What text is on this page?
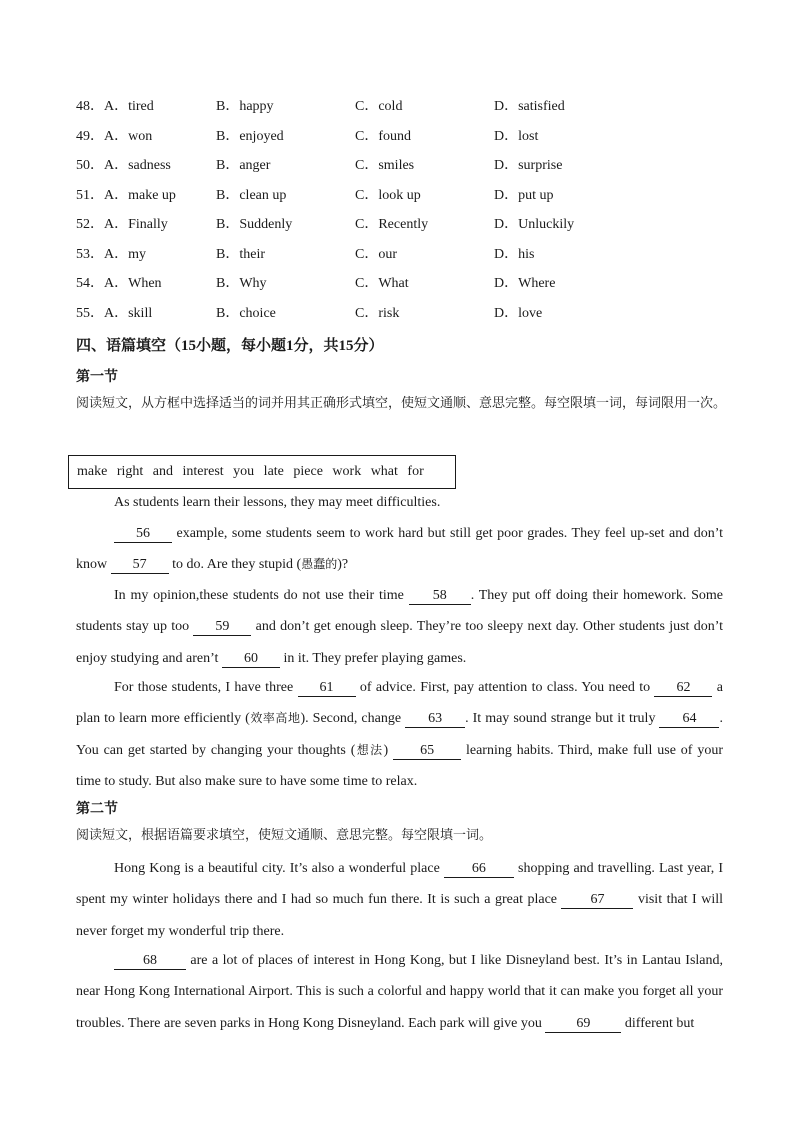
48．A．tired	B．happy	C．cold	D．satisfied
49．A．won	B．enjoyed	C．found	D．lost
50．A．sadness	B．anger	C．smiles	D．surprise
51．A．make up	B．clean up	C．look up	D．put up
52．A．Finally	B．Suddenly	C．Recently	D．Unluckily
53．A．my	B．their	C．our	D．his
54．A．When	B．Why	C．What	D．Where
55．A．skill	B．choice	C．risk	D．love
四、语篇填空（15小题，每小题1分，共15分）
第一节
阅读短文，从方框中选择适当的词并用其正确形式填空，使短文通顺、意思完整。每空限填一词，每词限用一次。
make right and interest you late piece work what for

As students learn their lessons, they may meet difficulties.

56 example, some students seem to work hard but still get poor grades. They feel up-set and don’t know 57 to do. Are they stupid (愚蠢的)?

In my opinion,these students do not use their time 58 . They put off doing their homework. Some students stay up too 59 and don’t get enough sleep. They’re too sleepy next day. Other students just don’t enjoy studying and aren’t 60 in it. They prefer playing games.

For those students, I have three 61 of advice. First, pay attention to class. You need to 62 a plan to learn more efficiently (效率高地). Second, change 63 . It may sound strange but it truly 64 . You can get started by changing your thoughts (想法) 65 learning habits. Third, make full use of your time to study. But also make sure to have some time to relax.

第二节
阅读短文，根据语篇要求填空，使短文通顺、意思完整。每空限填一词。

Hong Kong is a beautiful city. It’s also a wonderful place 66 shopping and travelling. Last year, I spent my winter holidays there and I had so much fun there. It is such a great place 67 visit that I will never forget my wonderful trip there.

68 are a lot of places of interest in Hong Kong, but I like Disneyland best. It’s in Lantau Island, near Hong Kong International Airport. This is such a colorful and happy world that it can make you forget all your troubles. There are seven parks in Hong Kong Disneyland. Each park will give you 69 different but
